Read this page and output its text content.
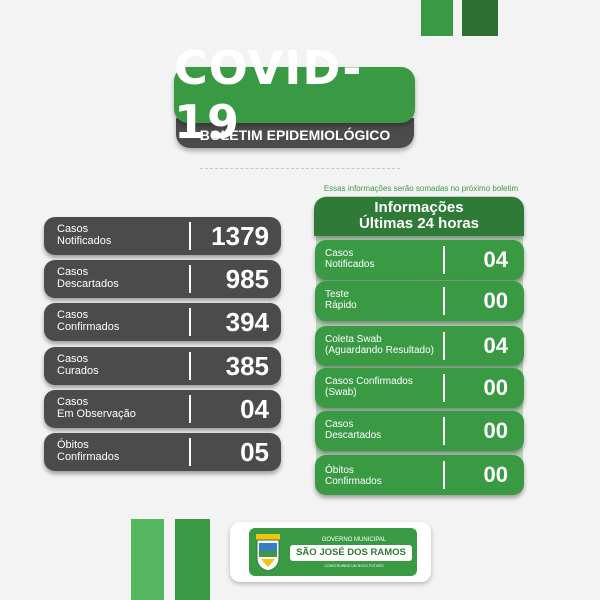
BOLETIM EPIDEMIOLÓGICO
COVID-19
Casos
Notificados	1379
Casos
Descartados	985
Casos
Confirmados	394
Casos
Curados	385
Casos
Em Observação	04
Óbitos
Confirmados	05
Essas informações serão somadas no próximo boletim
Informações
Últimas 24 horas
Casos
Notificados	04
Teste
Rápido	00
Coleta Swab
(Aguardando Resultado) 04
Casos Confirmados
(Swab)	00
Casos
Descartados	00
Óbitos
Confirmados	00
GOVERNO MUNICIPAL
SÃO JOSÉ DOS RAMOS
CONSTRUINDO UM NOVO FUTURO
